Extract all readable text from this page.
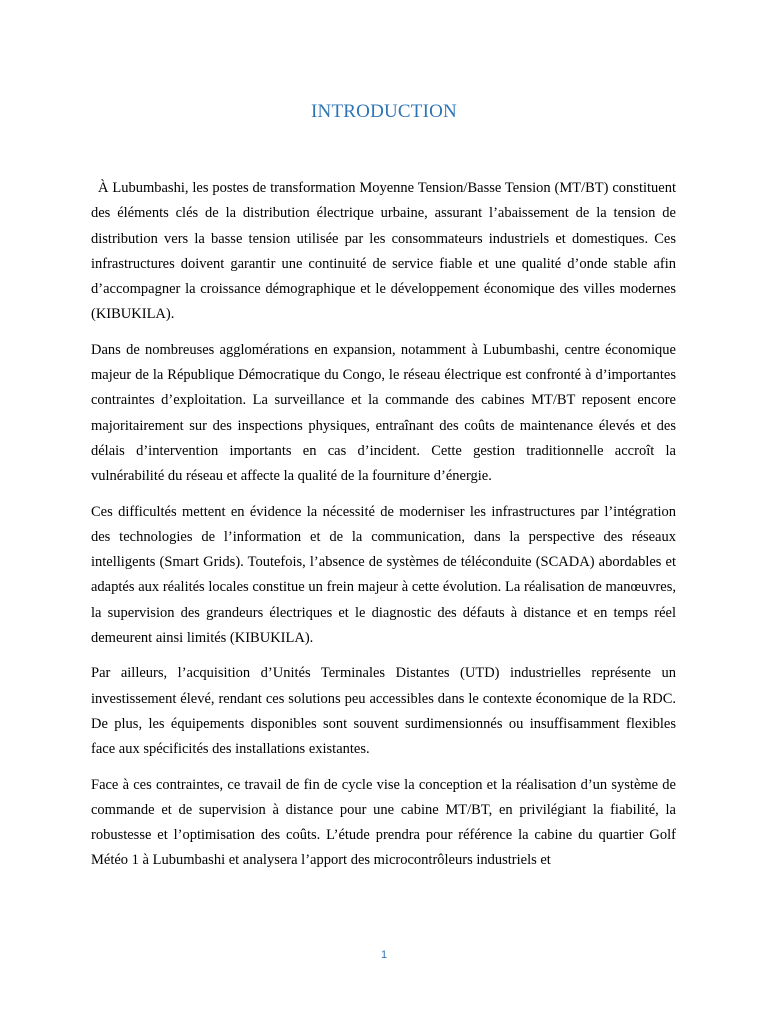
INTRODUCTION

À Lubumbashi, les postes de transformation Moyenne Tension/Basse Tension (MT/BT) constituent des éléments clés de la distribution électrique urbaine, assurant l’abaissement de la tension de distribution vers la basse tension utilisée par les consommateurs industriels et domestiques. Ces infrastructures doivent garantir une continuité de service fiable et une qualité d’onde stable afin d’accompagner la croissance démographique et le développement économique des villes modernes (KIBUKILA).

Dans de nombreuses agglomérations en expansion, notamment à Lubumbashi, centre économique majeur de la République Démocratique du Congo, le réseau électrique est confronté à d’importantes contraintes d’exploitation. La surveillance et la commande des cabines MT/BT reposent encore majoritairement sur des inspections physiques, entraînant des coûts de maintenance élevés et des délais d’intervention importants en cas d’incident. Cette gestion traditionnelle accroît la vulnérabilité du réseau et affecte la qualité de la fourniture d’énergie.

Ces difficultés mettent en évidence la nécessité de moderniser les infrastructures par l’intégration des technologies de l’information et de la communication, dans la perspective des réseaux intelligents (Smart Grids). Toutefois, l’absence de systèmes de téléconduite (SCADA) abordables et adaptés aux réalités locales constitue un frein majeur à cette évolution. La réalisation de manœuvres, la supervision des grandeurs électriques et le diagnostic des défauts à distance et en temps réel demeurent ainsi limités (KIBUKILA).

Par ailleurs, l’acquisition d’Unités Terminales Distantes (UTD) industrielles représente un investissement élevé, rendant ces solutions peu accessibles dans le contexte économique de la RDC. De plus, les équipements disponibles sont souvent surdimensionnés ou insuffisamment flexibles face aux spécificités des installations existantes.

Face à ces contraintes, ce travail de fin de cycle vise la conception et la réalisation d’un système de commande et de supervision à distance pour une cabine MT/BT, en privilégiant la fiabilité, la robustesse et l’optimisation des coûts. L’étude prendra pour référence la cabine du quartier Golf Météo 1 à Lubumbashi et analysera l’apport des microcontrôleurs industriels et

1
